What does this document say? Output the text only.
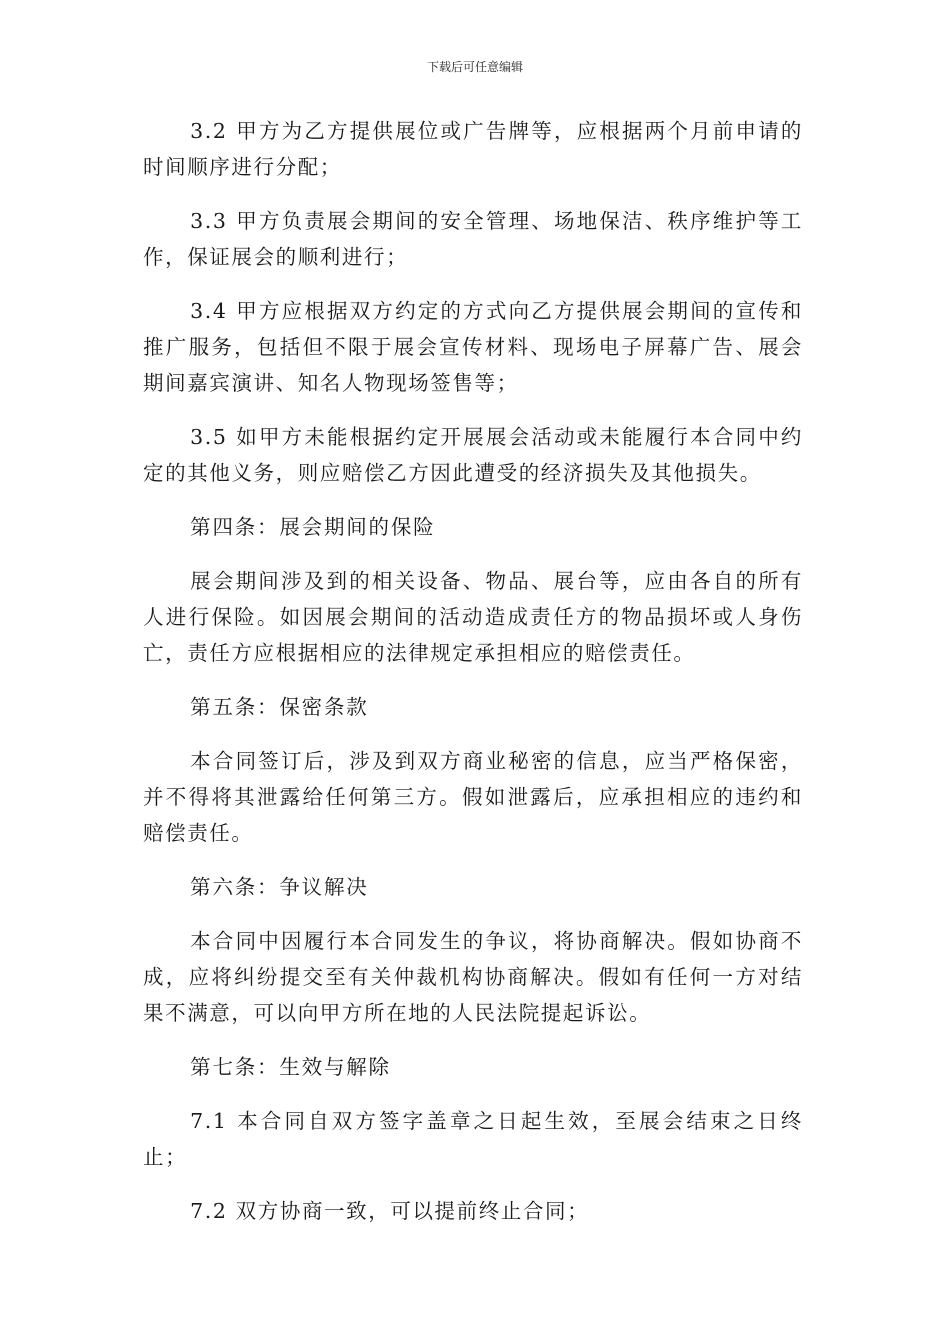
下载后可任意编辑

3.2 甲方为乙方提供展位或广告牌等，应根据两个月前申请的时间顺序进行分配；

3.3 甲方负责展会期间的安全管理、场地保洁、秩序维护等工作，保证展会的顺利进行；

3.4 甲方应根据双方约定的方式向乙方提供展会期间的宣传和推广服务，包括但不限于展会宣传材料、现场电子屏幕广告、展会期间嘉宾演讲、知名人物现场签售等；

3.5 如甲方未能根据约定开展展会活动或未能履行本合同中约定的其他义务，则应赔偿乙方因此遭受的经济损失及其他损失。

第四条：展会期间的保险

展会期间涉及到的相关设备、物品、展台等，应由各自的所有人进行保险。如因展会期间的活动造成责任方的物品损坏或人身伤亡，责任方应根据相应的法律规定承担相应的赔偿责任。

第五条：保密条款

本合同签订后，涉及到双方商业秘密的信息，应当严格保密，并不得将其泄露给任何第三方。假如泄露后，应承担相应的违约和赔偿责任。

第六条：争议解决

本合同中因履行本合同发生的争议，将协商解决。假如协商不成，应将纠纷提交至有关仲裁机构协商解决。假如有任何一方对结果不满意，可以向甲方所在地的人民法院提起诉讼。

第七条：生效与解除

7.1 本合同自双方签字盖章之日起生效，至展会结束之日终止；

7.2 双方协商一致，可以提前终止合同；
